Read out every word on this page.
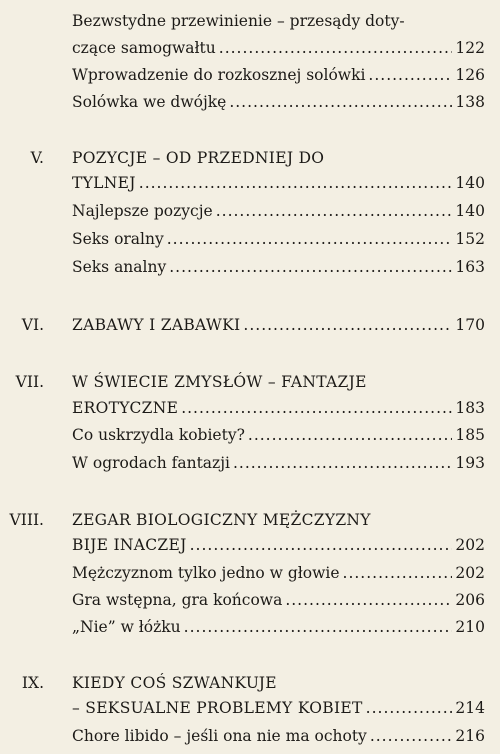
Bezwstydne przewinienie – przesądy doty-
czące samogwałtu .....	122
Wprowadzenie do rozkosznej solówki .....	126
Solówka we dwójkę .....	138
V. POZYCJE – OD PRZEDNIEJ DO
TYLNEJ .....	140
Najlepsze pozycje .....	140
Seks oralny .....	152
Seks analny .....	163
VI. ZABAWY I ZABAWKI .....	170
VII. W ŚWIECIE ZMYSŁÓW – FANTAZJE
EROTYCZNE .....	183
Co uskrzydla kobiety? .....	185
W ogrodach fantazji .....	193
VIII. ZEGAR BIOLOGICZNY MĘŻCZYZNY
BIJE INACZEJ .....	202
Mężczyznom tylko jedno w głowie .....	202
Gra wstępna, gra końcowa .....	206
„Nie” w łóżku .....	210
IX. KIEDY COŚ SZWANKUJE
– SEKSUALNE PROBLEMY KOBIET .....	214
Chore libido – jeśli ona nie ma ochoty .....	216
